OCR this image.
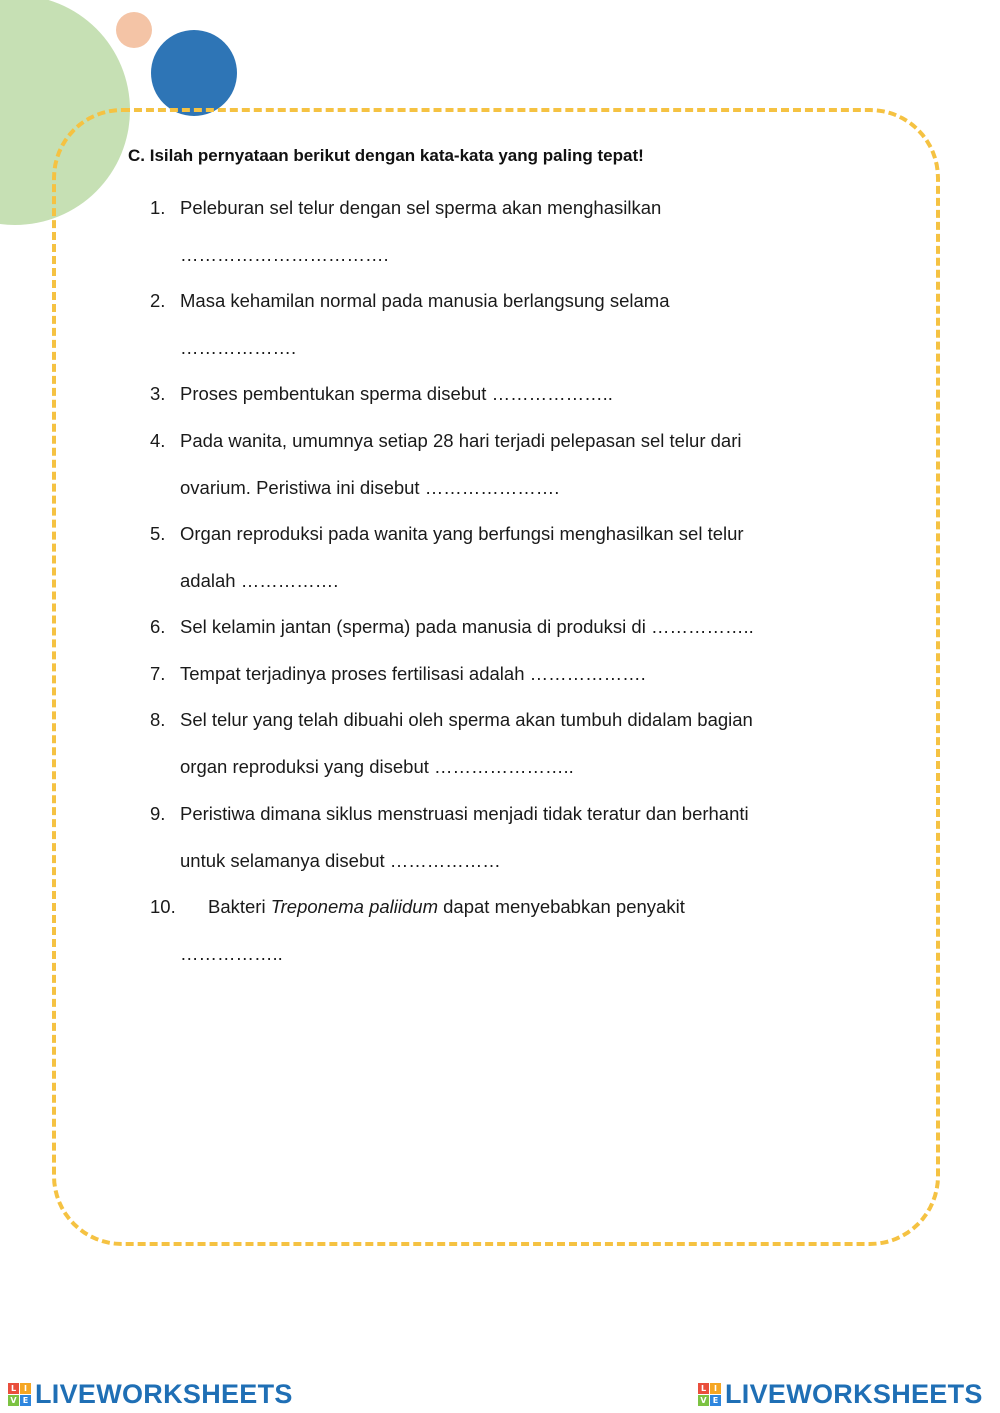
C. Isilah pernyataan berikut dengan kata-kata yang paling tepat!
1. Peleburan sel telur dengan sel sperma akan menghasilkan
…………………………….
2. Masa kehamilan normal pada manusia berlangsung selama
……………….
3. Proses pembentukan sperma disebut ………………..
4. Pada wanita, umumnya setiap 28 hari terjadi pelepasan sel telur dari
ovarium. Peristiwa ini disebut ………………….
5. Organ reproduksi pada wanita yang berfungsi menghasilkan sel telur
adalah …………….
6. Sel kelamin jantan (sperma) pada manusia di produksi di ……………..
7. Tempat terjadinya proses fertilisasi adalah ……………….
8. Sel telur yang telah dibuahi oleh sperma akan tumbuh didalam bagian
organ reproduksi yang disebut …………………..
9. Peristiwa dimana siklus menstruasi menjadi tidak teratur dan berhanti
untuk selamanya disebut ………………
10. Bakteri Treponema paliidum dapat menyebabkan penyakit
……………..
L I
V E LIVEWORKSHEETS	L I
V E LIVEWORKSHEETS
